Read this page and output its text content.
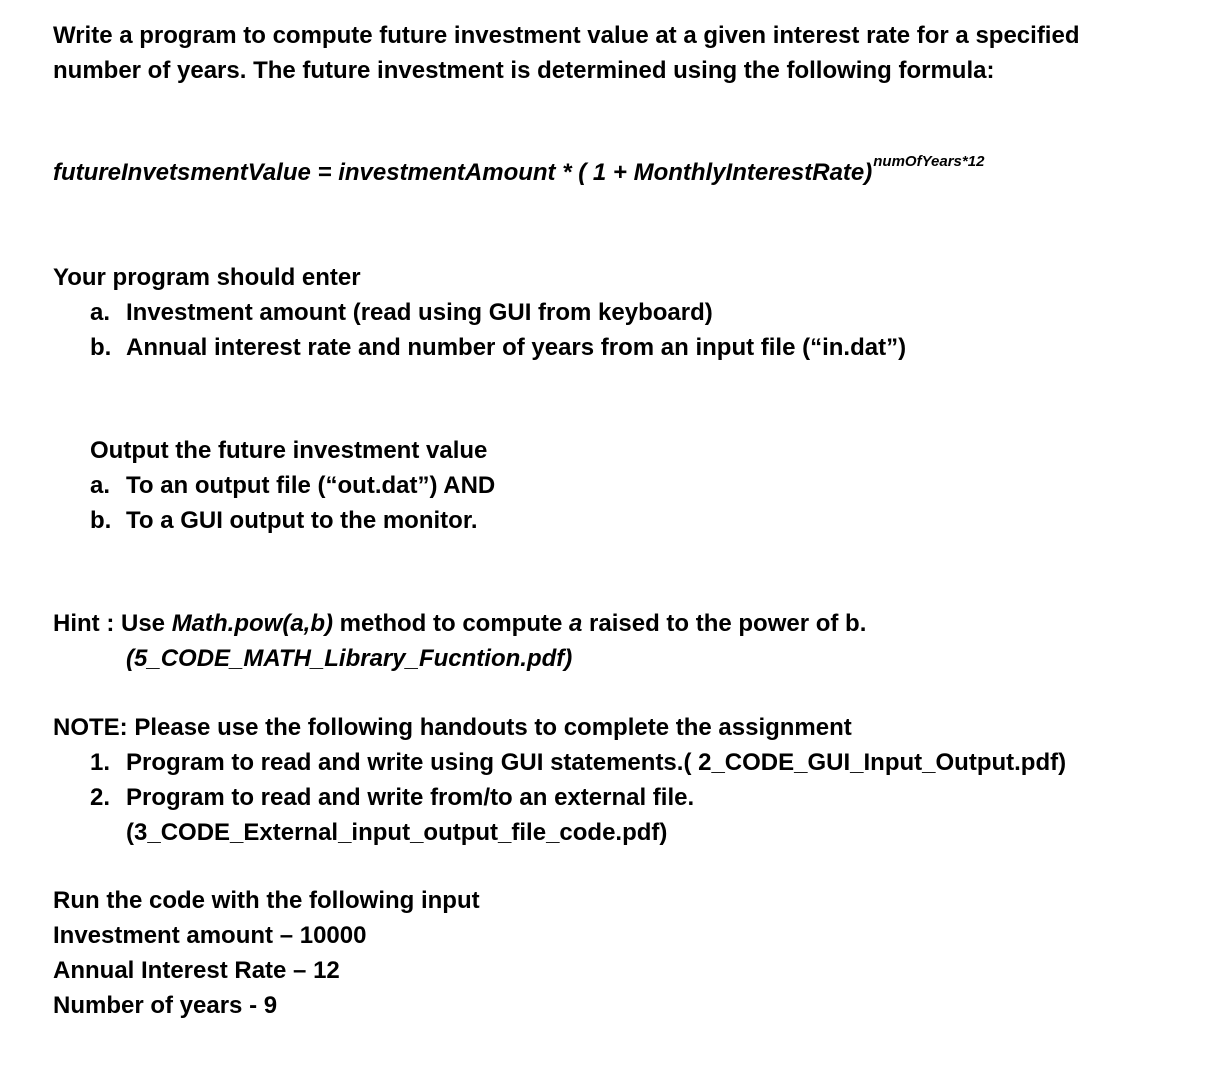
Write a program to compute future investment value at a given interest rate for a specified
number of years. The future investment is determined using the following formula:
futureInvetsmentValue = investmentAmount * ( 1 + MonthlyInterestRate)$^{numOfYears*12}$
Your program should enter
a. Investment amount (read using GUI from keyboard)
b. Annual interest rate and number of years from an input file (“in.dat”)
Output the future investment value
a. To an output file (“out.dat”) AND
b. To a GUI output to the monitor.
Hint : Use Math.pow(a,b) method to compute a raised to the power of b.
(5_CODE_MATH_Library_Fucntion.pdf)
NOTE: Please use the following handouts to complete the assignment
1. Program to read and write using GUI statements.( 2_CODE_GUI_Input_Output.pdf)
2. Program to read and write from/to an external file.
(3_CODE_External_input_output_file_code.pdf)
Run the code with the following input
Investment amount – 10000
Annual Interest Rate – 12
Number of years - 9
